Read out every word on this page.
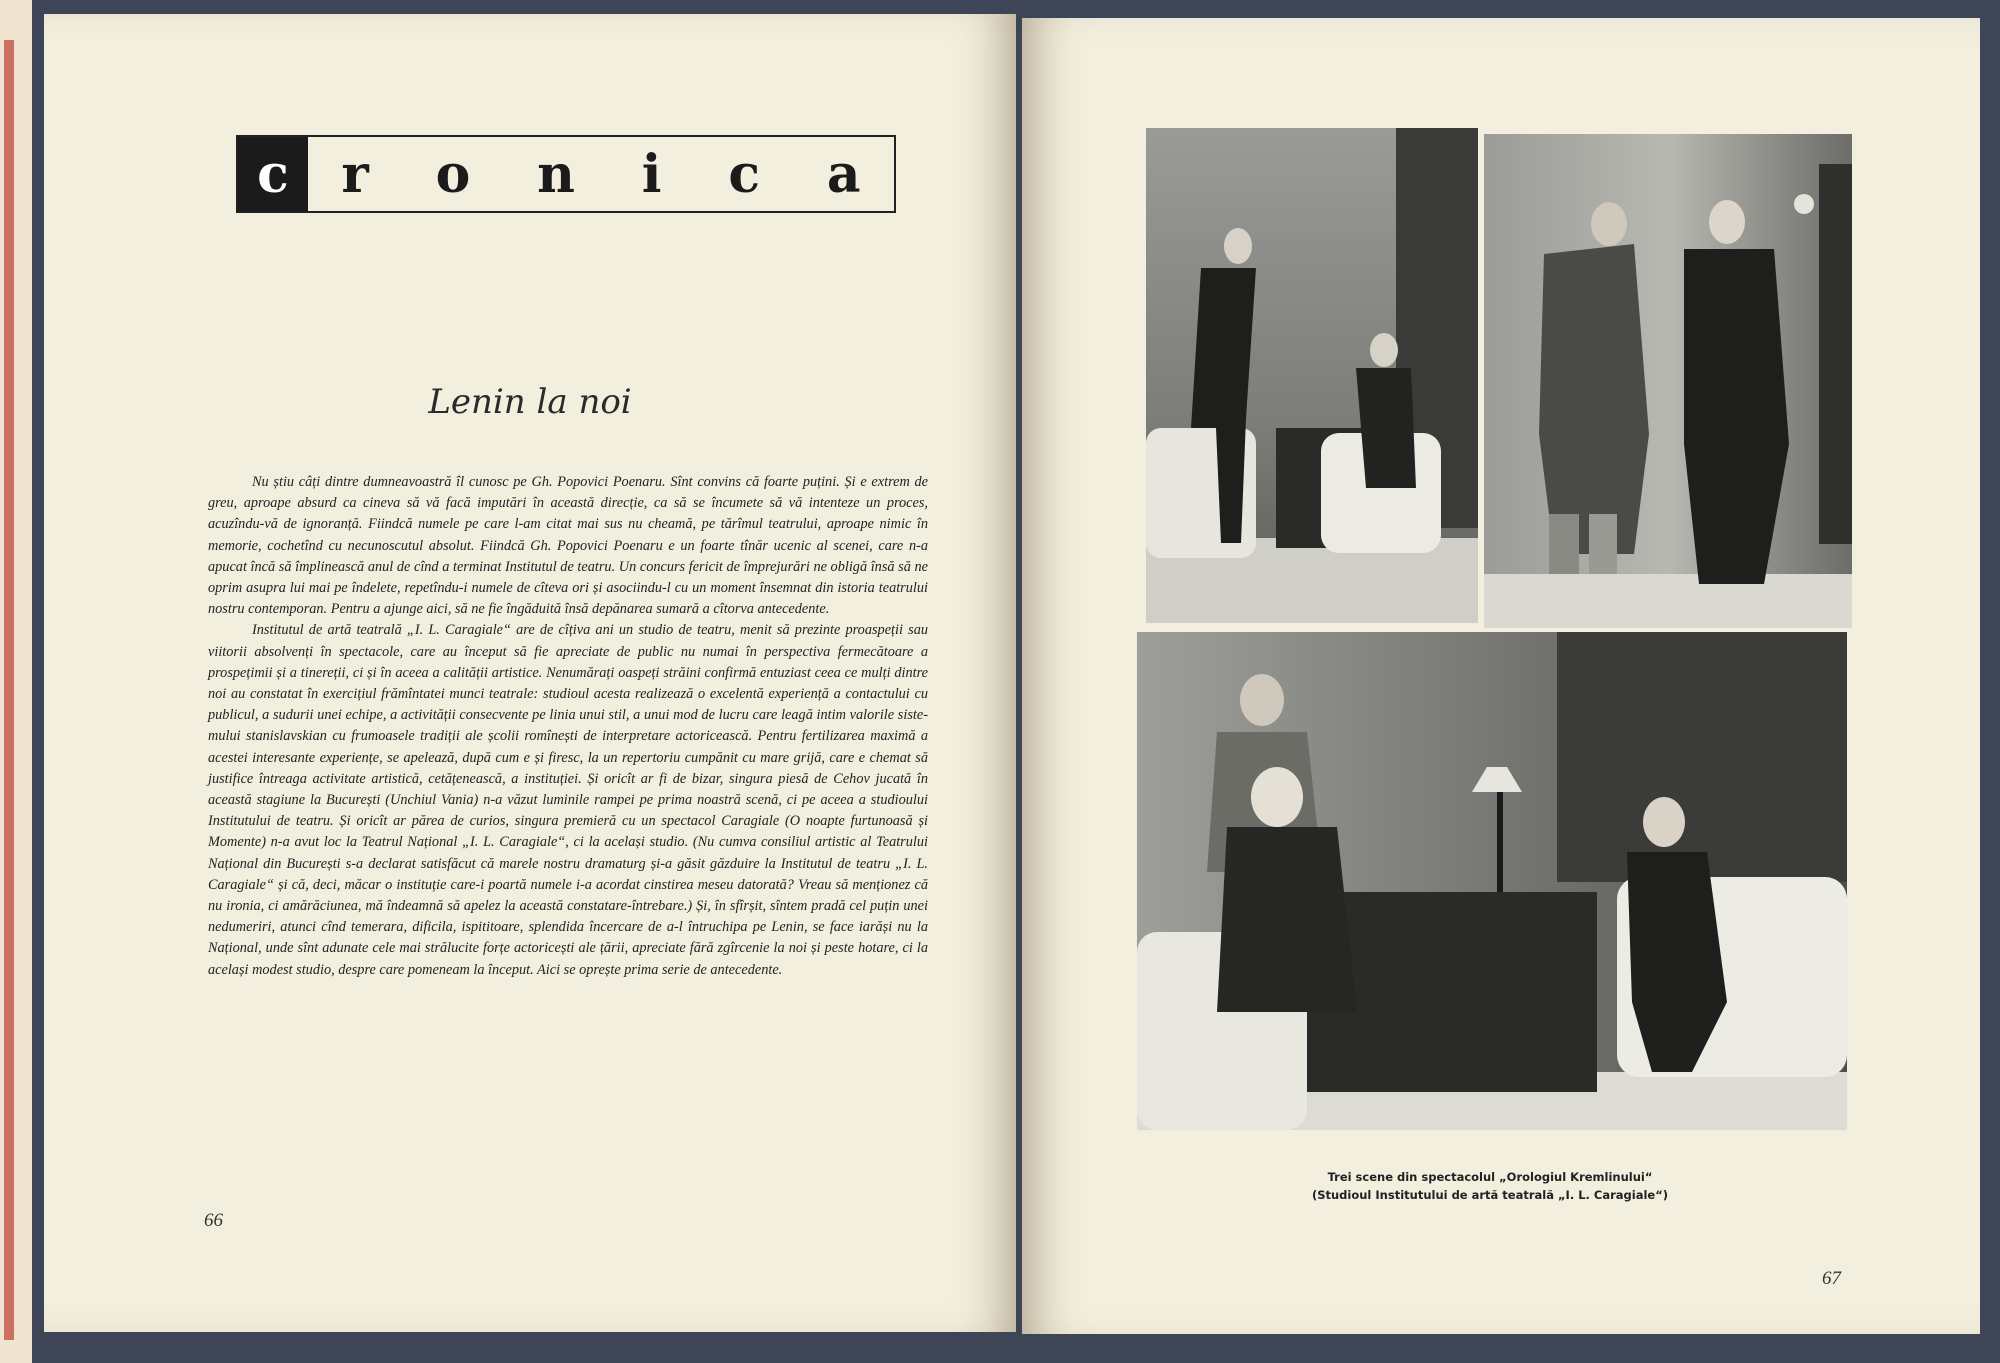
c	r o n i c a
Lenin la noi

Nu știu câți dintre dumneavoastră îl cunosc pe Gh. Popovici Poenaru. Sînt convins că foarte puțini. Și e extrem de greu, aproape absurd ca cineva să vă facă imputări în această direcție, ca să se încumete să vă intenteze un proces, acuzîndu-vă de ignoranță. Fiindcă numele pe care l-am citat mai sus nu cheamă, pe tărîmul teatrului, aproape nimic în memorie, cochetînd cu necunoscutul absolut. Fiindcă Gh. Popovici Poenaru e un foarte tînăr ucenic al scenei, care n-a apucat încă să împlinească anul de cînd a terminat Institutul de teatru. Un concurs fericit de împrejurări ne obligă însă să ne oprim asupra lui mai pe îndelete, repetîndu-i numele de cîteva ori și asociindu-l cu un moment însemnat din istoria teatrului nostru contemporan. Pentru a ajunge aici, să ne fie îngăduită însă depănarea sumară a cîtorva antecedente.

Institutul de artă teatrală „I. L. Caragiale“ are de cîțiva ani un studio de teatru, menit să prezinte proaspeții sau viitorii absolvenți în spectacole, care au început să fie apreciate de public nu numai în perspectiva fermecătoare a prospețimii și a tinereții, ci și în aceea a calității artistice. Nenumărați oaspeți străini confirmă entuziast ceea ce mulți dintre noi au constatat în exercițiul frămîntatei munci teatrale: studioul acesta realizează o excelentă experiență a contactului cu publicul, a sudurii unei echipe, a activității consecvente pe linia unui stil, a unui mod de lucru care leagă intim valorile sistemului stanislavskian cu frumoasele tradiții ale școlii romînești de interpretare actoricească. Pentru fertilizarea maximă a acestei interesante experiențe, se apelează, după cum e și firesc, la un repertoriu cumpănit cu mare grijă, care e chemat să justifice întreaga activitate artistică, cetățenească, a instituției. Și oricît ar fi de bizar, singura piesă de Cehov jucată în această stagiune la București (Unchiul Vania) n-a văzut luminile rampei pe prima noastră scenă, ci pe aceea a studioului Institutului de teatru. Și oricît ar părea de curios, singura premieră cu un spectacol Caragiale (O noapte furtunoasă și Momente) n-a avut loc la Teatrul Național „I. L. Caragiale“, ci la același studio. (Nu cumva consiliul artistic al Teatrului Național din București s-a declarat satisfăcut că marele nostru dramaturg și-a găsit găzduire la Institutul de teatru „I. L. Caragiale“ și că, deci, măcar o instituție care-i poartă numele i-a acordat cinstirea meseu datorată? Vreau să menționez că nu ironia, ci amărăciunea, mă îndeamnă să apelez la această constatare-întrebare.) Și, în sfîrșit, sîntem pradă cel puțin unei nedumeriri, atunci cînd temerara, dificila, ispititoare, splendida încercare de a-l întruchipa pe Lenin, se face iarăși nu la Național, unde sînt adunate cele mai strălucite forțe actoricești ale țării, apreciate fără zgîrcenie la noi și peste hotare, ci la același modest studio, despre care pomeneam la început. Aici se oprește prima serie de antecedente.

66
67
Trei scene din spectacolul „Orologiul Kremlinului“
(Studioul Institutului de artă teatrală „I. L. Caragiale“)
